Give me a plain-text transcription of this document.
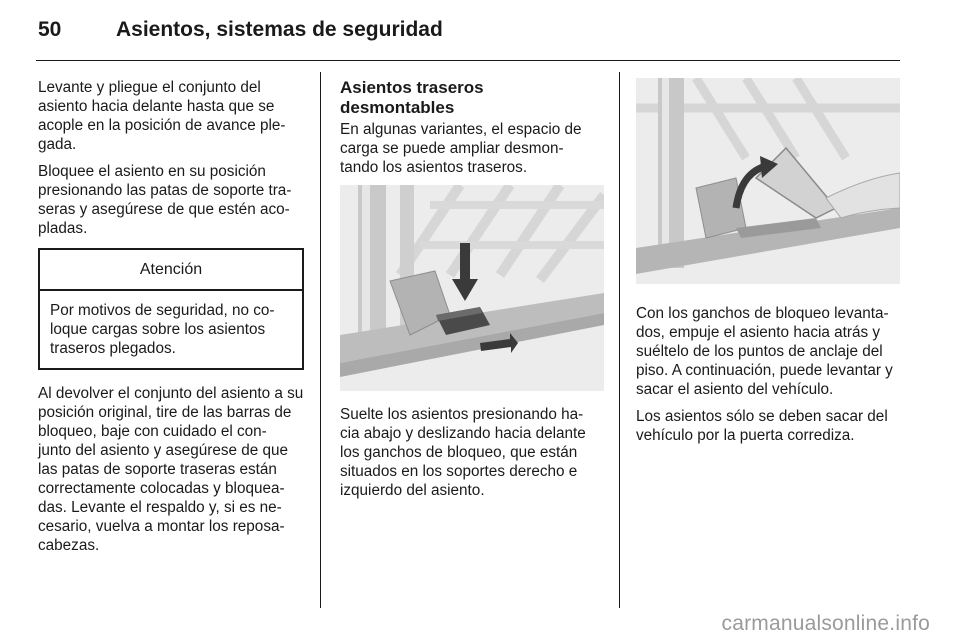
50	Asientos, sistemas de seguridad

Levante y pliegue el conjunto del asiento hacia delante hasta que se acople en la posición de avance ple- gada.

Bloquee el asiento en su posición presionando las patas de soporte tra- seras y asegúrese de que estén aco- pladas.

Atención
Por motivos de seguridad, no co- loque cargas sobre los asientos traseros plegados.

Al devolver el conjunto del asiento a su posición original, tire de las barras de bloqueo, baje con cuidado el con- junto del asiento y asegúrese de que las patas de soporte traseras están correctamente colocadas y bloquea- das. Levante el respaldo y, si es ne- cesario, vuelva a montar los reposa- cabezas.

Asientos traseros desmontables

En algunas variantes, el espacio de carga se puede ampliar desmon- tando los asientos traseros.

Suelte los asientos presionando ha- cia abajo y deslizando hacia delante los ganchos de bloqueo, que están situados en los soportes derecho e izquierdo del asiento.

Con los ganchos de bloqueo levanta- dos, empuje el asiento hacia atrás y suéltelo de los puntos de anclaje del piso. A continuación, puede levantar y sacar el asiento del vehículo.

Los asientos sólo se deben sacar del vehículo por la puerta corrediza.

carmanualsonline.info
